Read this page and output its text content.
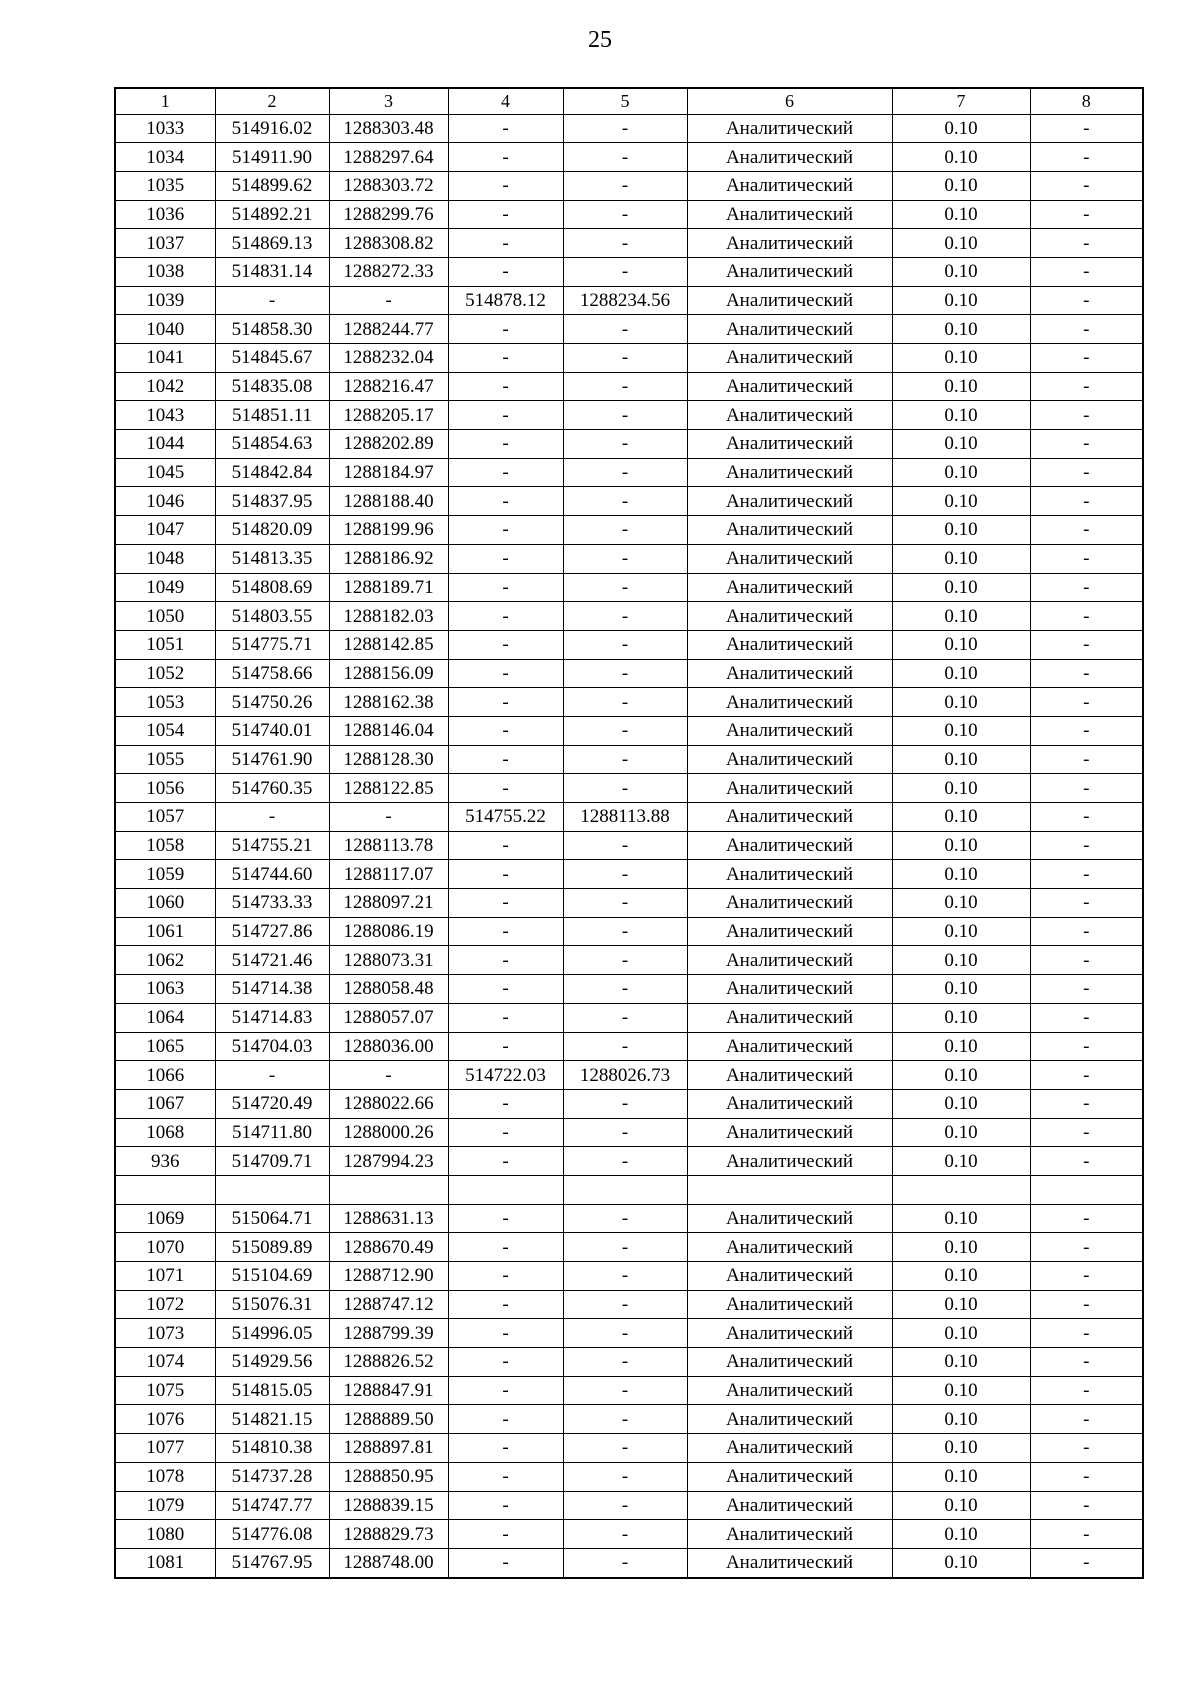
25
1	2	3	4	5	6	7	8
1033	514916.02	1288303.48	-	-	Аналитический	0.10	-
1034	514911.90	1288297.64	-	-	Аналитический	0.10	-
1035	514899.62	1288303.72	-	-	Аналитический	0.10	-
1036	514892.21	1288299.76	-	-	Аналитический	0.10	-
1037	514869.13	1288308.82	-	-	Аналитический	0.10	-
1038	514831.14	1288272.33	-	-	Аналитический	0.10	-
1039	-	-	514878.12	1288234.56	Аналитический	0.10	-
1040	514858.30	1288244.77	-	-	Аналитический	0.10	-
1041	514845.67	1288232.04	-	-	Аналитический	0.10	-
1042	514835.08	1288216.47	-	-	Аналитический	0.10	-
1043	514851.11	1288205.17	-	-	Аналитический	0.10	-
1044	514854.63	1288202.89	-	-	Аналитический	0.10	-
1045	514842.84	1288184.97	-	-	Аналитический	0.10	-
1046	514837.95	1288188.40	-	-	Аналитический	0.10	-
1047	514820.09	1288199.96	-	-	Аналитический	0.10	-
1048	514813.35	1288186.92	-	-	Аналитический	0.10	-
1049	514808.69	1288189.71	-	-	Аналитический	0.10	-
1050	514803.55	1288182.03	-	-	Аналитический	0.10	-
1051	514775.71	1288142.85	-	-	Аналитический	0.10	-
1052	514758.66	1288156.09	-	-	Аналитический	0.10	-
1053	514750.26	1288162.38	-	-	Аналитический	0.10	-
1054	514740.01	1288146.04	-	-	Аналитический	0.10	-
1055	514761.90	1288128.30	-	-	Аналитический	0.10	-
1056	514760.35	1288122.85	-	-	Аналитический	0.10	-
1057	-	-	514755.22	1288113.88	Аналитический	0.10	-
1058	514755.21	1288113.78	-	-	Аналитический	0.10	-
1059	514744.60	1288117.07	-	-	Аналитический	0.10	-
1060	514733.33	1288097.21	-	-	Аналитический	0.10	-
1061	514727.86	1288086.19	-	-	Аналитический	0.10	-
1062	514721.46	1288073.31	-	-	Аналитический	0.10	-
1063	514714.38	1288058.48	-	-	Аналитический	0.10	-
1064	514714.83	1288057.07	-	-	Аналитический	0.10	-
1065	514704.03	1288036.00	-	-	Аналитический	0.10	-
1066	-	-	514722.03	1288026.73	Аналитический	0.10	-
1067	514720.49	1288022.66	-	-	Аналитический	0.10	-
1068	514711.80	1288000.26	-	-	Аналитический	0.10	-
936	514709.71	1287994.23	-	-	Аналитический	0.10	-

1069	515064.71	1288631.13	-	-	Аналитический	0.10	-
1070	515089.89	1288670.49	-	-	Аналитический	0.10	-
1071	515104.69	1288712.90	-	-	Аналитический	0.10	-
1072	515076.31	1288747.12	-	-	Аналитический	0.10	-
1073	514996.05	1288799.39	-	-	Аналитический	0.10	-
1074	514929.56	1288826.52	-	-	Аналитический	0.10	-
1075	514815.05	1288847.91	-	-	Аналитический	0.10	-
1076	514821.15	1288889.50	-	-	Аналитический	0.10	-
1077	514810.38	1288897.81	-	-	Аналитический	0.10	-
1078	514737.28	1288850.95	-	-	Аналитический	0.10	-
1079	514747.77	1288839.15	-	-	Аналитический	0.10	-
1080	514776.08	1288829.73	-	-	Аналитический	0.10	-
1081	514767.95	1288748.00	-	-	Аналитический	0.10	-
